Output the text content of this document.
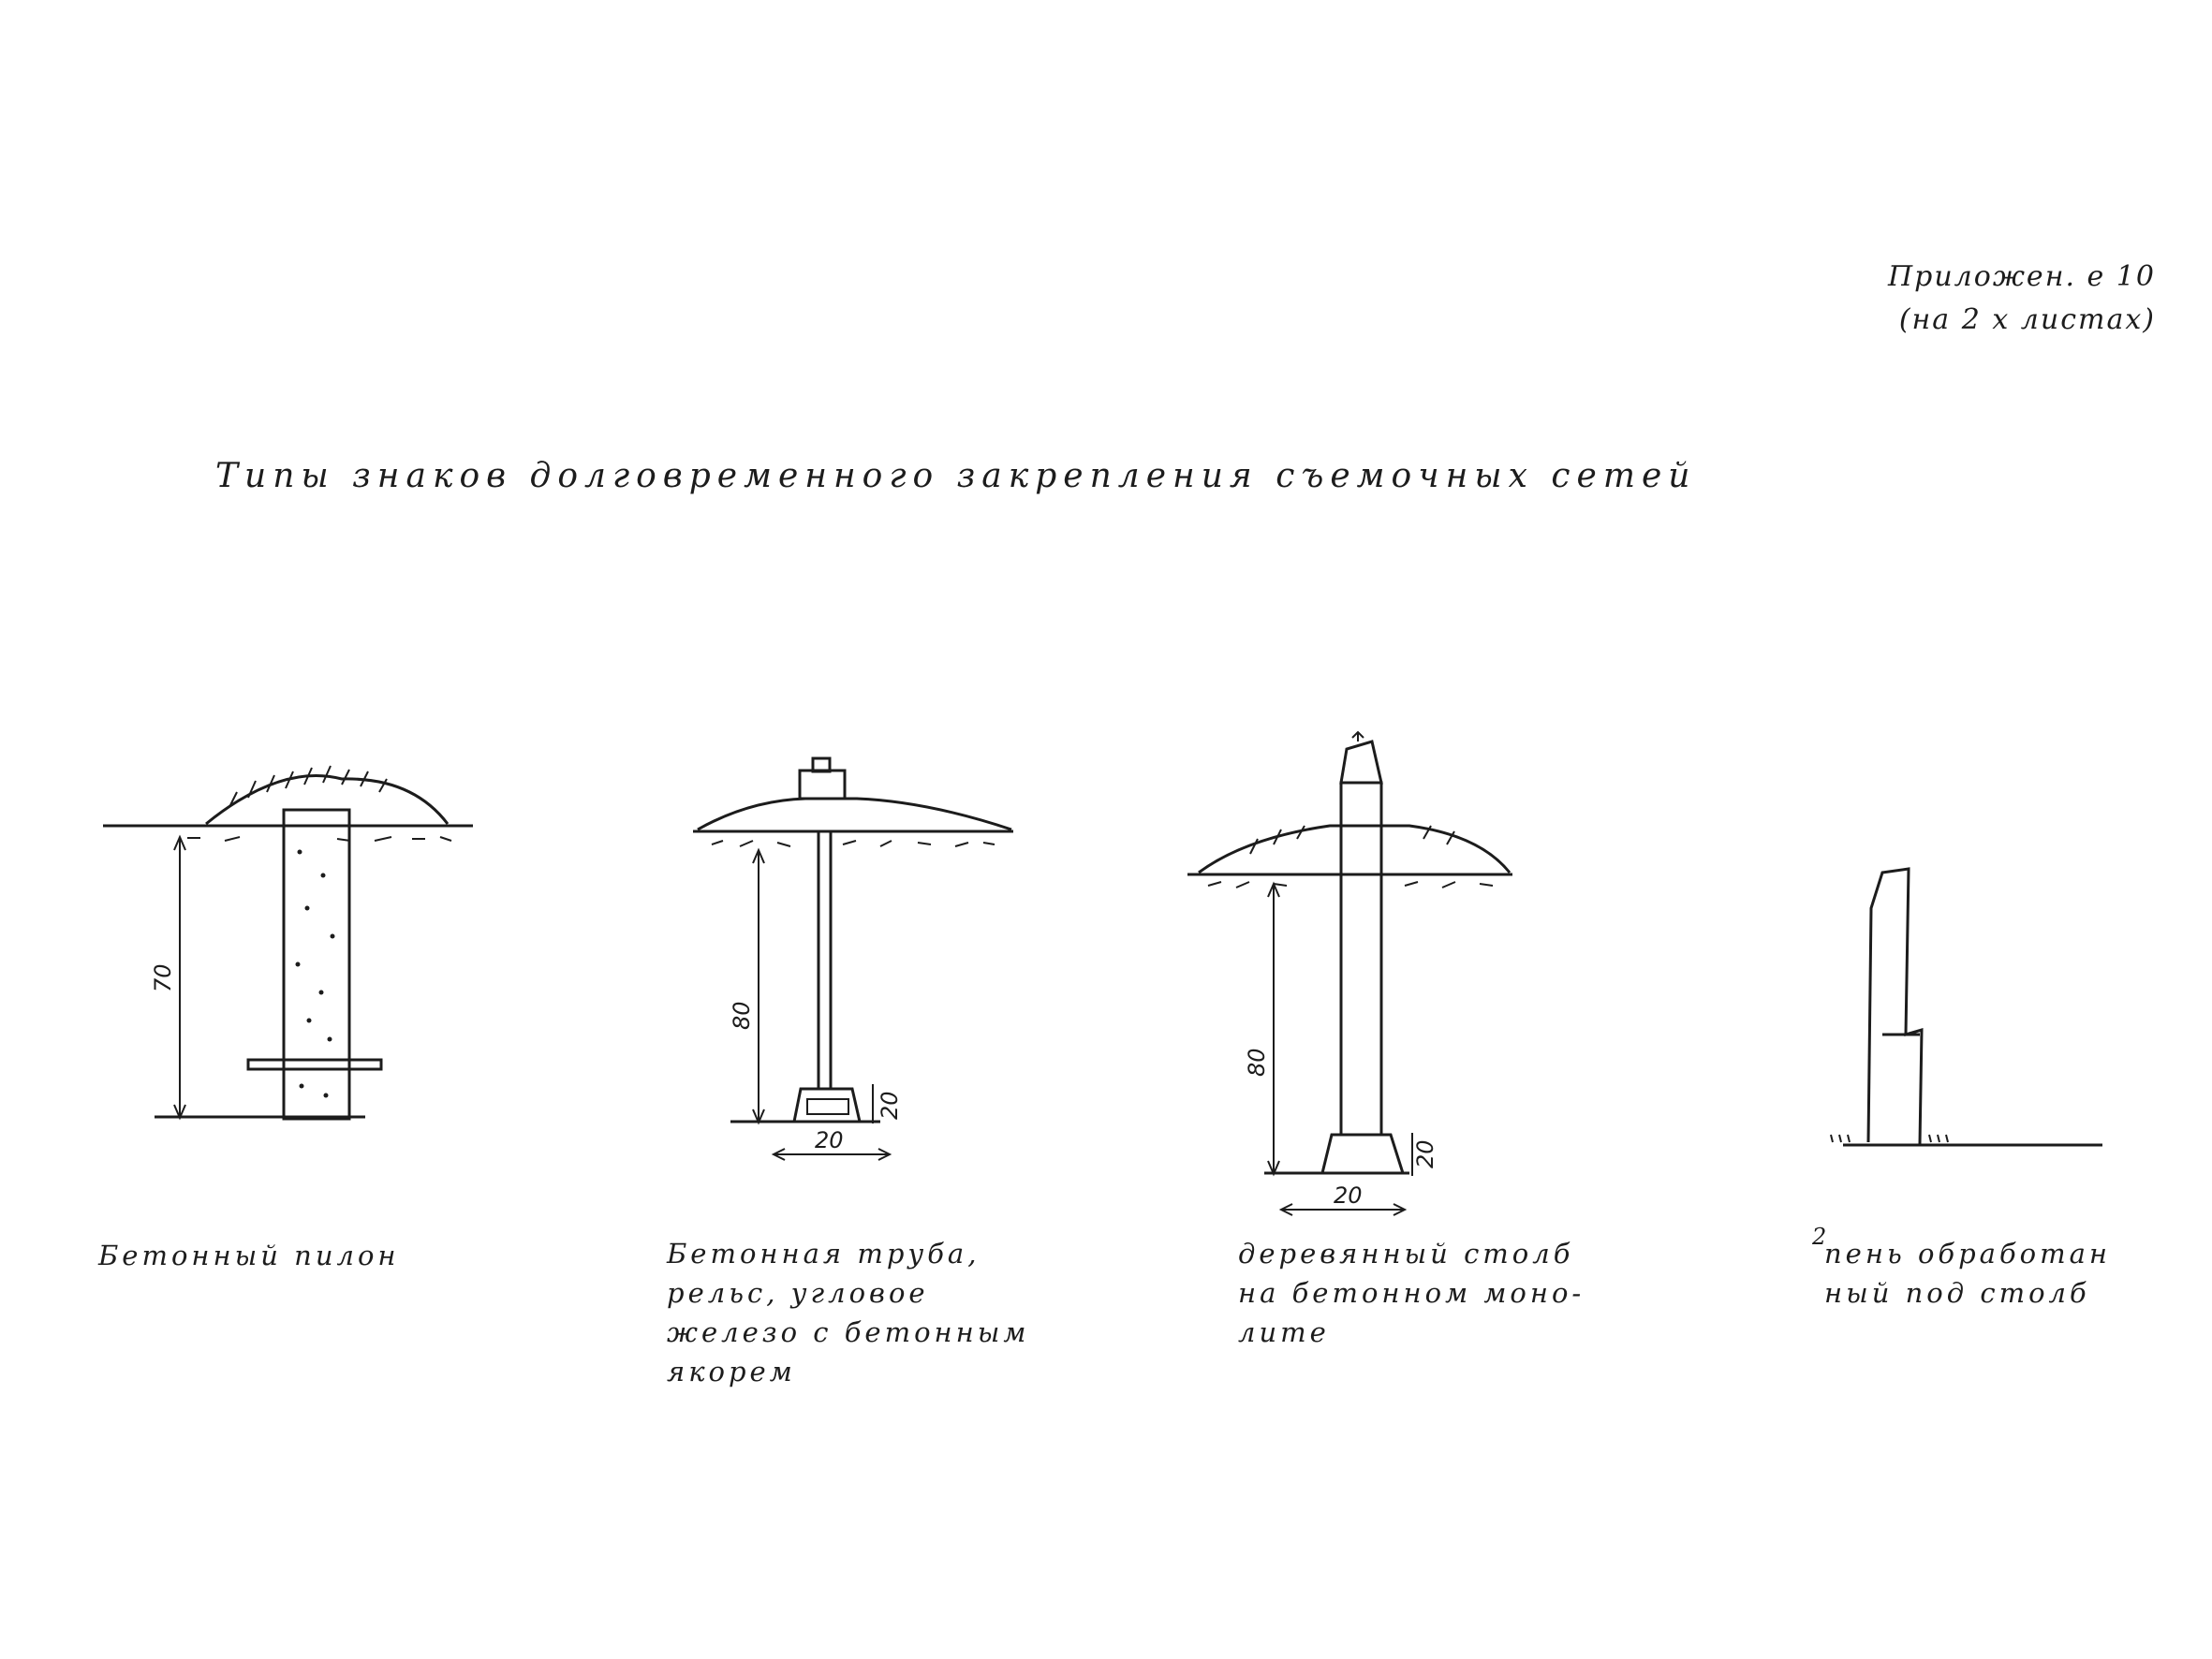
Приложен. е 10
(на 2 х листах)
Типы знаков долговременного закрепления съемочных сетей
70
80
20
20
80
20
20
Бетонный пилон	Бетонная труба,
рельс, угловое
железо с бетонным
якорем
деревянный столб
на бетонном моно-
лите
2
пень обработан
ный под столб
